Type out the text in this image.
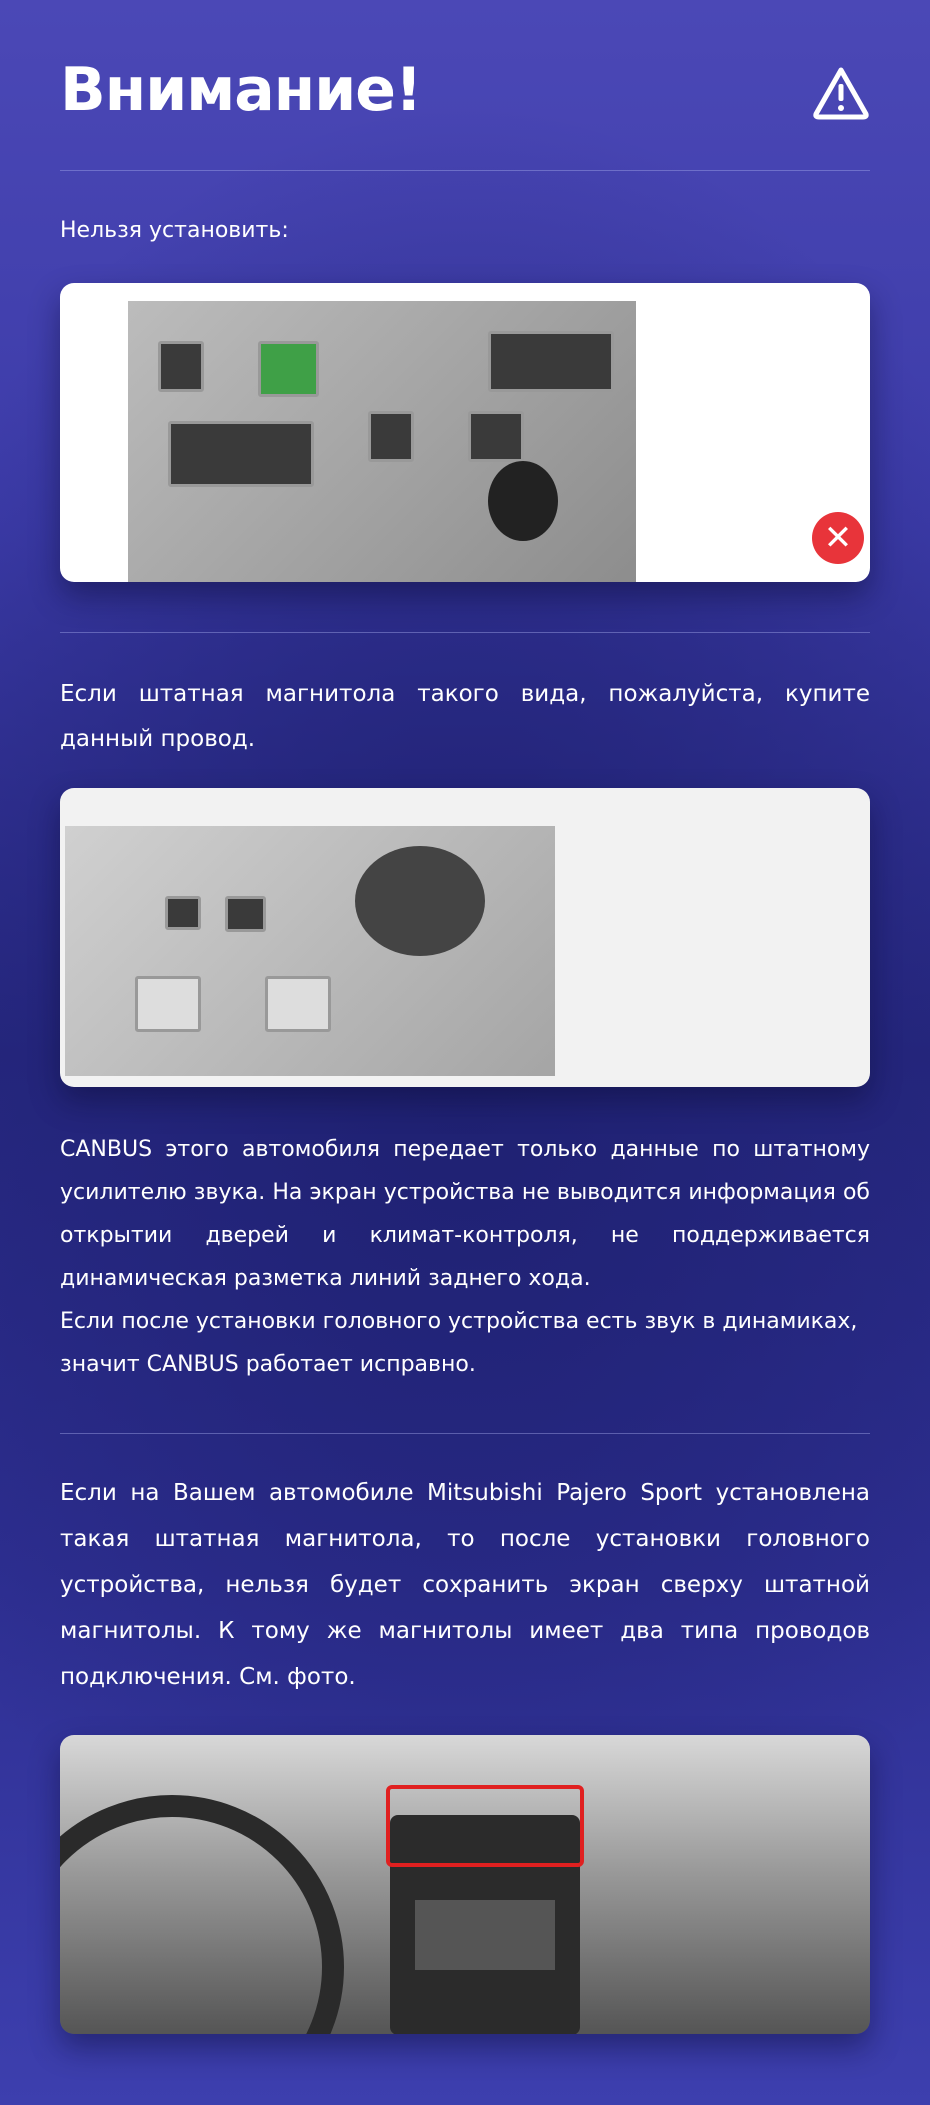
Внимание!
Нельзя установить:
✕

Если штатная магнитола такого вида, пожалуйста, купите данный провод.

CANBUS этого автомобиля передает только данные по штатному усилителю звука. На экран устройства не выводится информация об открытии дверей и климат-контроля, не поддерживается динамическая разметка линий заднего хода.
Если после установки головного устройства есть звук в динамиках, значит CANBUS работает исправно.

Если на Вашем автомобиле Mitsubishi Pajero Sport установлена такая штатная магнитола, то после установки головного устройства, нельзя будет сохранить экран сверху штатной магнитолы. К тому же магнитолы имеет два типа проводов подключения. См. фото.
